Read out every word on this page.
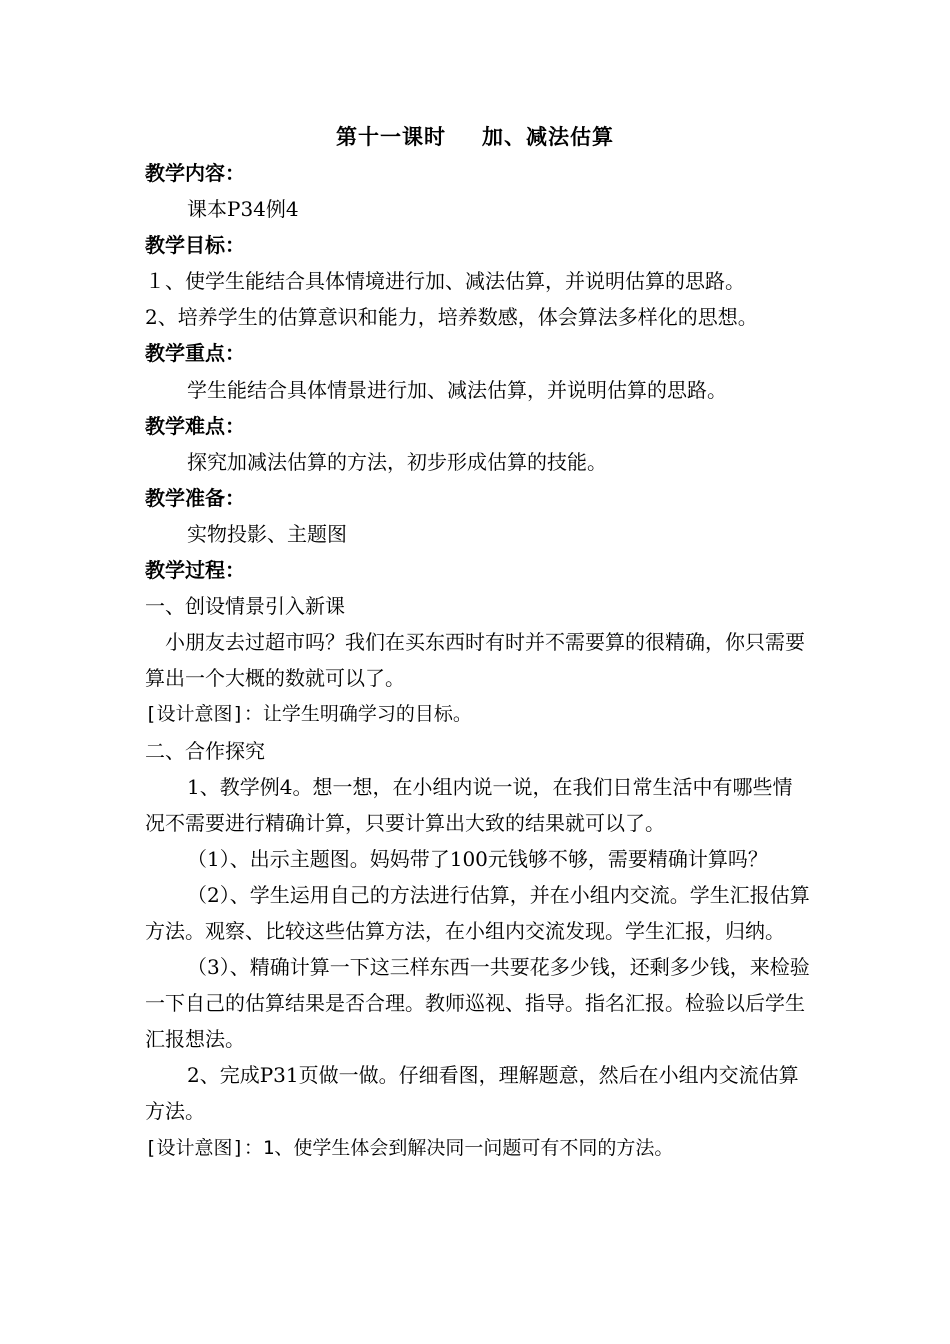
第十一课时 加、减法估算
教学内容：
课本P34例4
教学目标：
１、使学生能结合具体情境进行加、减法估算，并说明估算的思路。
2、培养学生的估算意识和能力，培养数感，体会算法多样化的思想。
教学重点：
学生能结合具体情景进行加、减法估算，并说明估算的思路。
教学难点：
探究加减法估算的方法，初步形成估算的技能。
教学准备：
实物投影、主题图
教学过程：
一、创设情景引入新课
小朋友去过超市吗？我们在买东西时有时并不需要算的很精确，你只需要算出一个大概的数就可以了。
[设计意图]：让学生明确学习的目标。
二、合作探究
1、教学例4。想一想，在小组内说一说，在我们日常生活中有哪些情况不需要进行精确计算，只要计算出大致的结果就可以了。
（1）、出示主题图。妈妈带了100元钱够不够，需要精确计算吗？
（2）、学生运用自己的方法进行估算，并在小组内交流。学生汇报估算方法。观察、比较这些估算方法，在小组内交流发现。学生汇报，归纳。
（3）、精确计算一下这三样东西一共要花多少钱，还剩多少钱，来检验一下自己的估算结果是否合理。教师巡视、指导。指名汇报。检验以后学生汇报想法。
2、完成P31页做一做。仔细看图，理解题意，然后在小组内交流估算方法。
[设计意图]：1、使学生体会到解决同一问题可有不同的方法。
